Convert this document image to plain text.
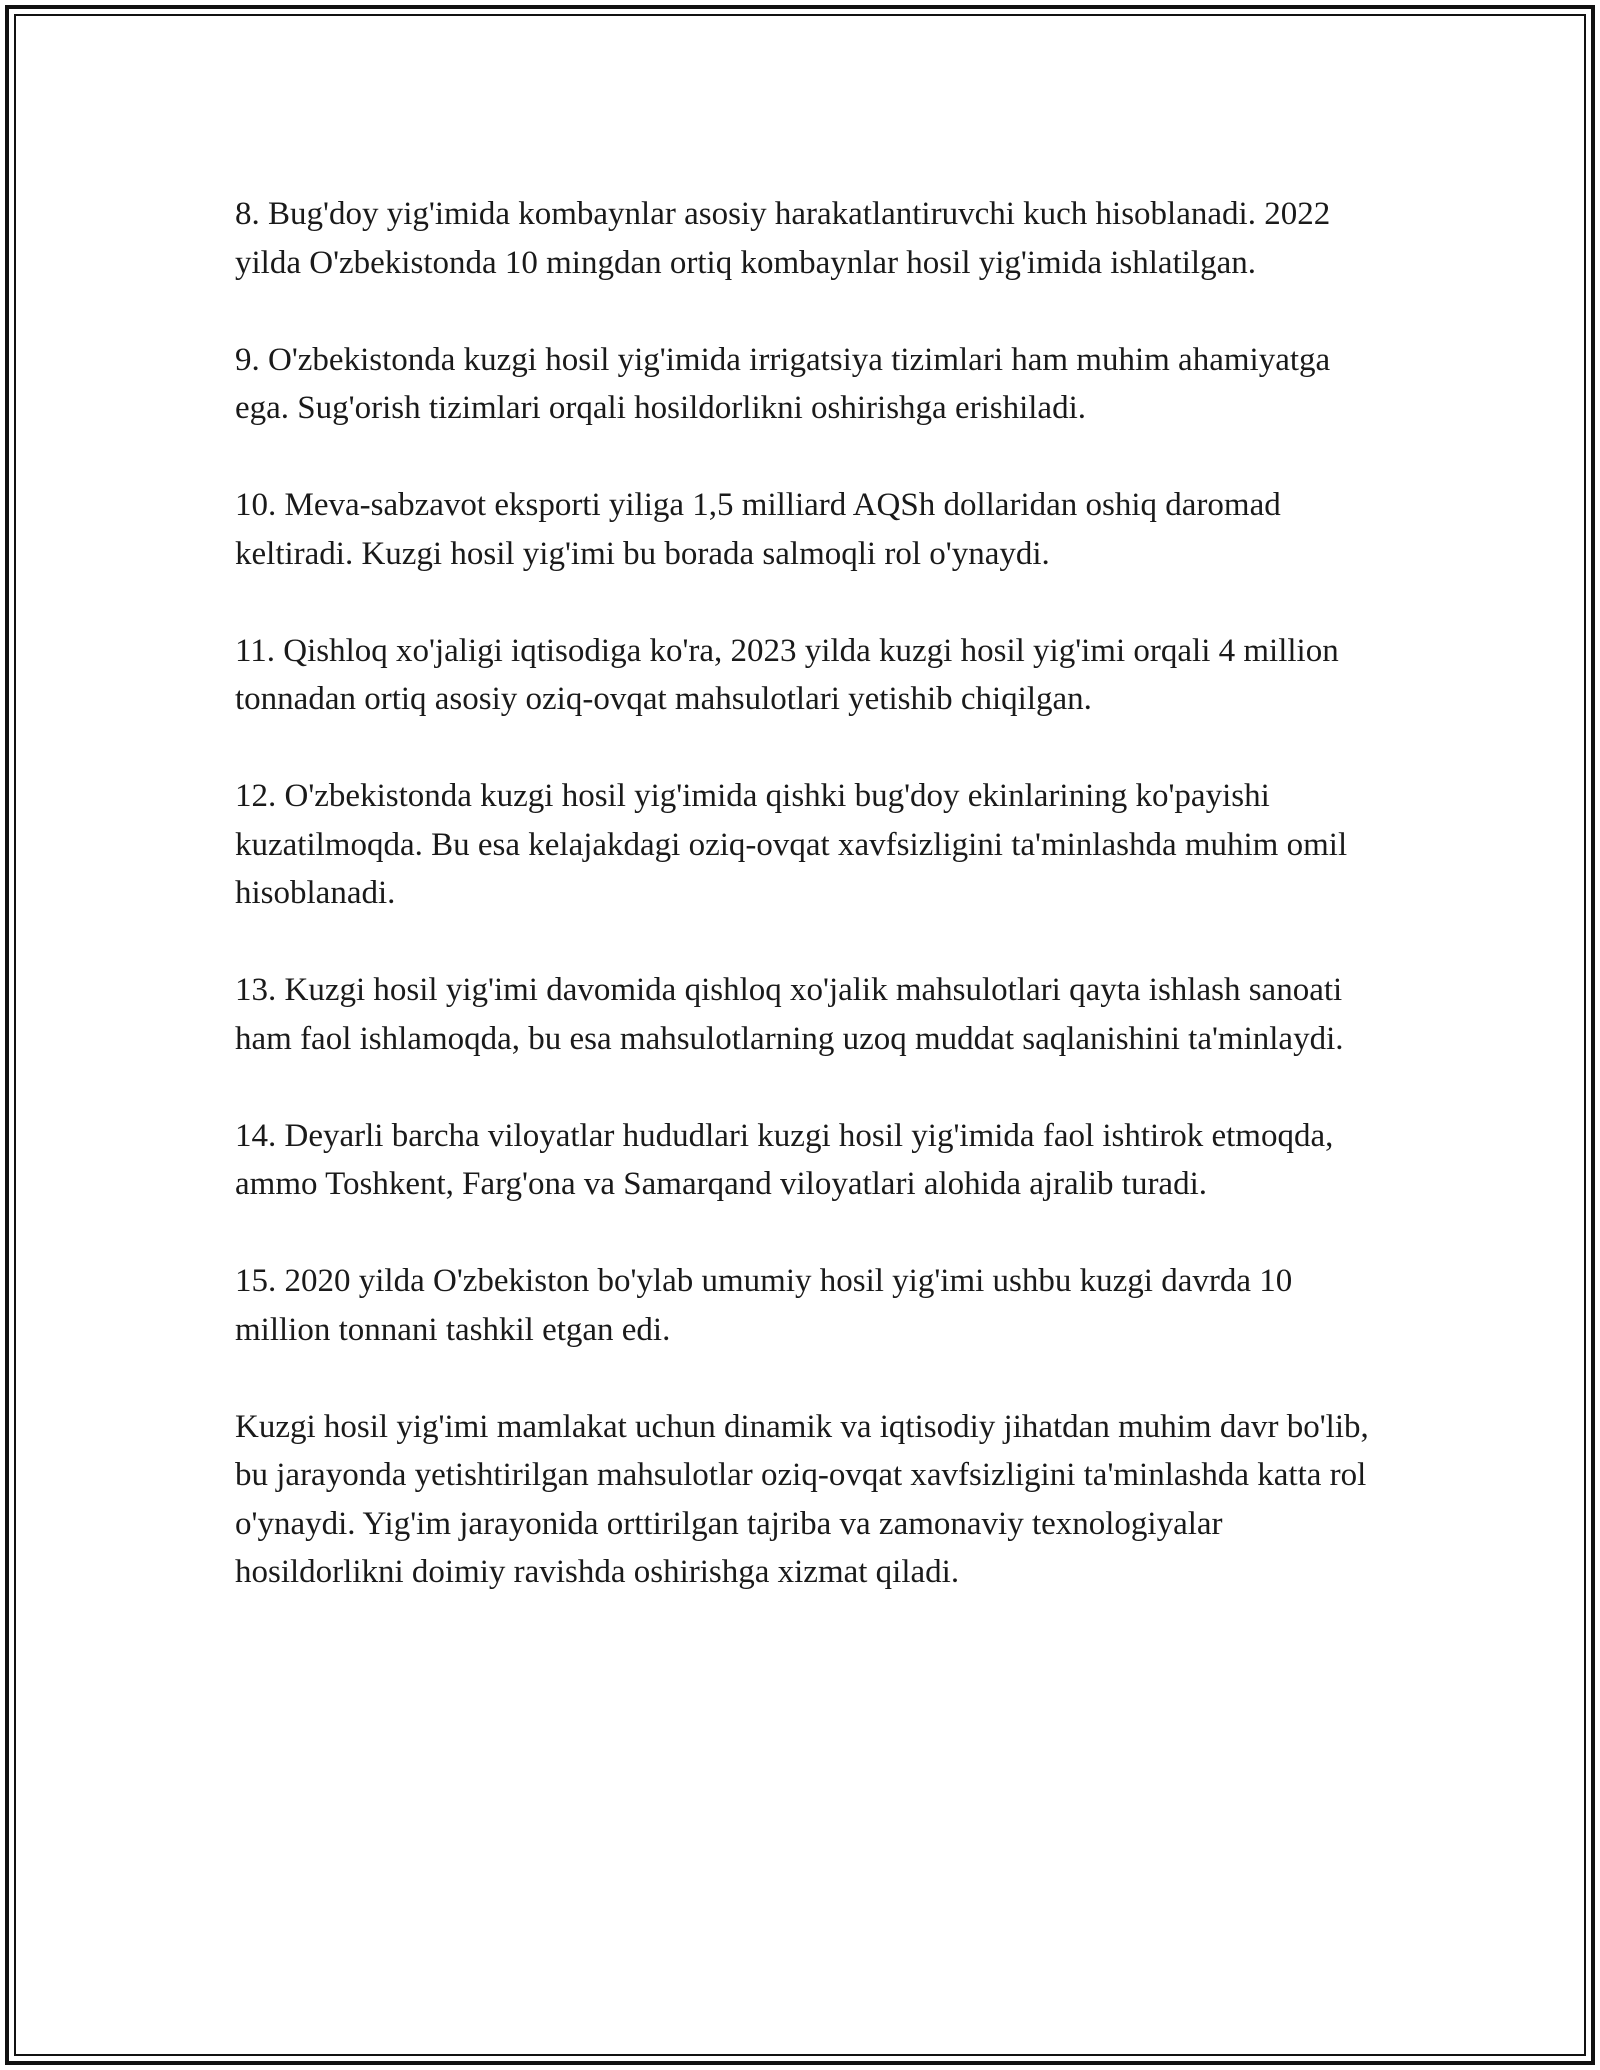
8. Bug'doy yig'imida kombaynlar asosiy harakatlantiruvchi kuch hisoblanadi. 2022 yilda O'zbekistonda 10 mingdan ortiq kombaynlar hosil yig'imida ishlatilgan.

9. O'zbekistonda kuzgi hosil yig'imida irrigatsiya tizimlari ham muhim ahamiyatga ega. Sug'orish tizimlari orqali hosildorlikni oshirishga erishiladi.

10. Meva-sabzavot eksporti yiliga 1,5 milliard AQSh dollaridan oshiq daromad keltiradi. Kuzgi hosil yig'imi bu borada salmoqli rol o'ynaydi.

11. Qishloq xo'jaligi iqtisodiga ko'ra, 2023 yilda kuzgi hosil yig'imi orqali 4 million tonnadan ortiq asosiy oziq-ovqat mahsulotlari yetishib chiqilgan.

12. O'zbekistonda kuzgi hosil yig'imida qishki bug'doy ekinlarining ko'payishi kuzatilmoqda. Bu esa kelajakdagi oziq-ovqat xavfsizligini ta'minlashda muhim omil hisoblanadi.

13. Kuzgi hosil yig'imi davomida qishloq xo'jalik mahsulotlari qayta ishlash sanoati ham faol ishlamoqda, bu esa mahsulotlarning uzoq muddat saqlanishini ta'minlaydi.

14. Deyarli barcha viloyatlar hududlari kuzgi hosil yig'imida faol ishtirok etmoqda, ammo Toshkent, Farg'ona va Samarqand viloyatlari alohida ajralib turadi.

15. 2020 yilda O'zbekiston bo'ylab umumiy hosil yig'imi ushbu kuzgi davrda 10 million tonnani tashkil etgan edi.

Kuzgi hosil yig'imi mamlakat uchun dinamik va iqtisodiy jihatdan muhim davr bo'lib, bu jarayonda yetishtirilgan mahsulotlar oziq-ovqat xavfsizligini ta'minlashda katta rol o'ynaydi. Yig'im jarayonida orttirilgan tajriba va zamonaviy texnologiyalar hosildorlikni doimiy ravishda oshirishga xizmat qiladi.
